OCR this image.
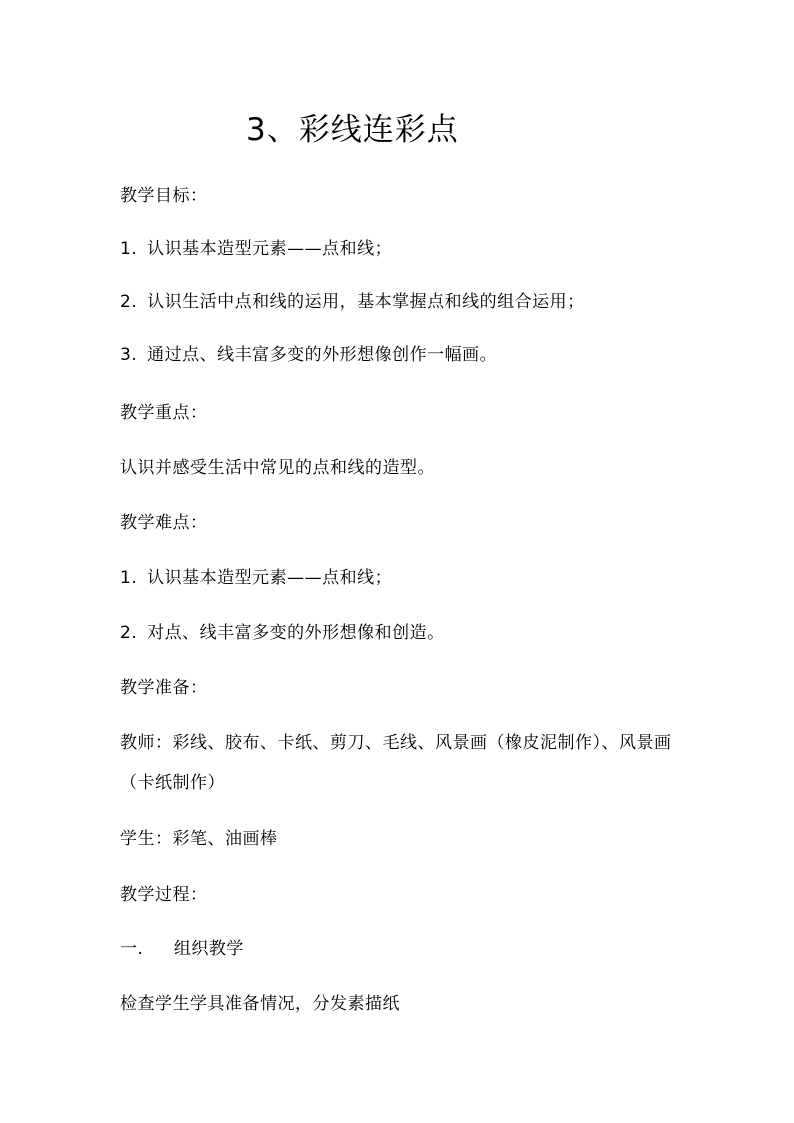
3、彩线连彩点
教学目标：
1. 认识基本造型元素——点和线；
2. 认识生活中点和线的运用，基本掌握点和线的组合运用；
3. 通过点、线丰富多变的外形想像创作一幅画。
教学重点：
认识并感受生活中常见的点和线的造型。
教学难点：
1. 认识基本造型元素——点和线；
2. 对点、线丰富多变的外形想像和创造。
教学准备：
教师：彩线、胶布、卡纸、剪刀、毛线、风景画（橡皮泥制作）、风景画（卡纸制作）
学生：彩笔、油画棒
教学过程：
一. 组织教学
检查学生学具准备情况，分发素描纸
